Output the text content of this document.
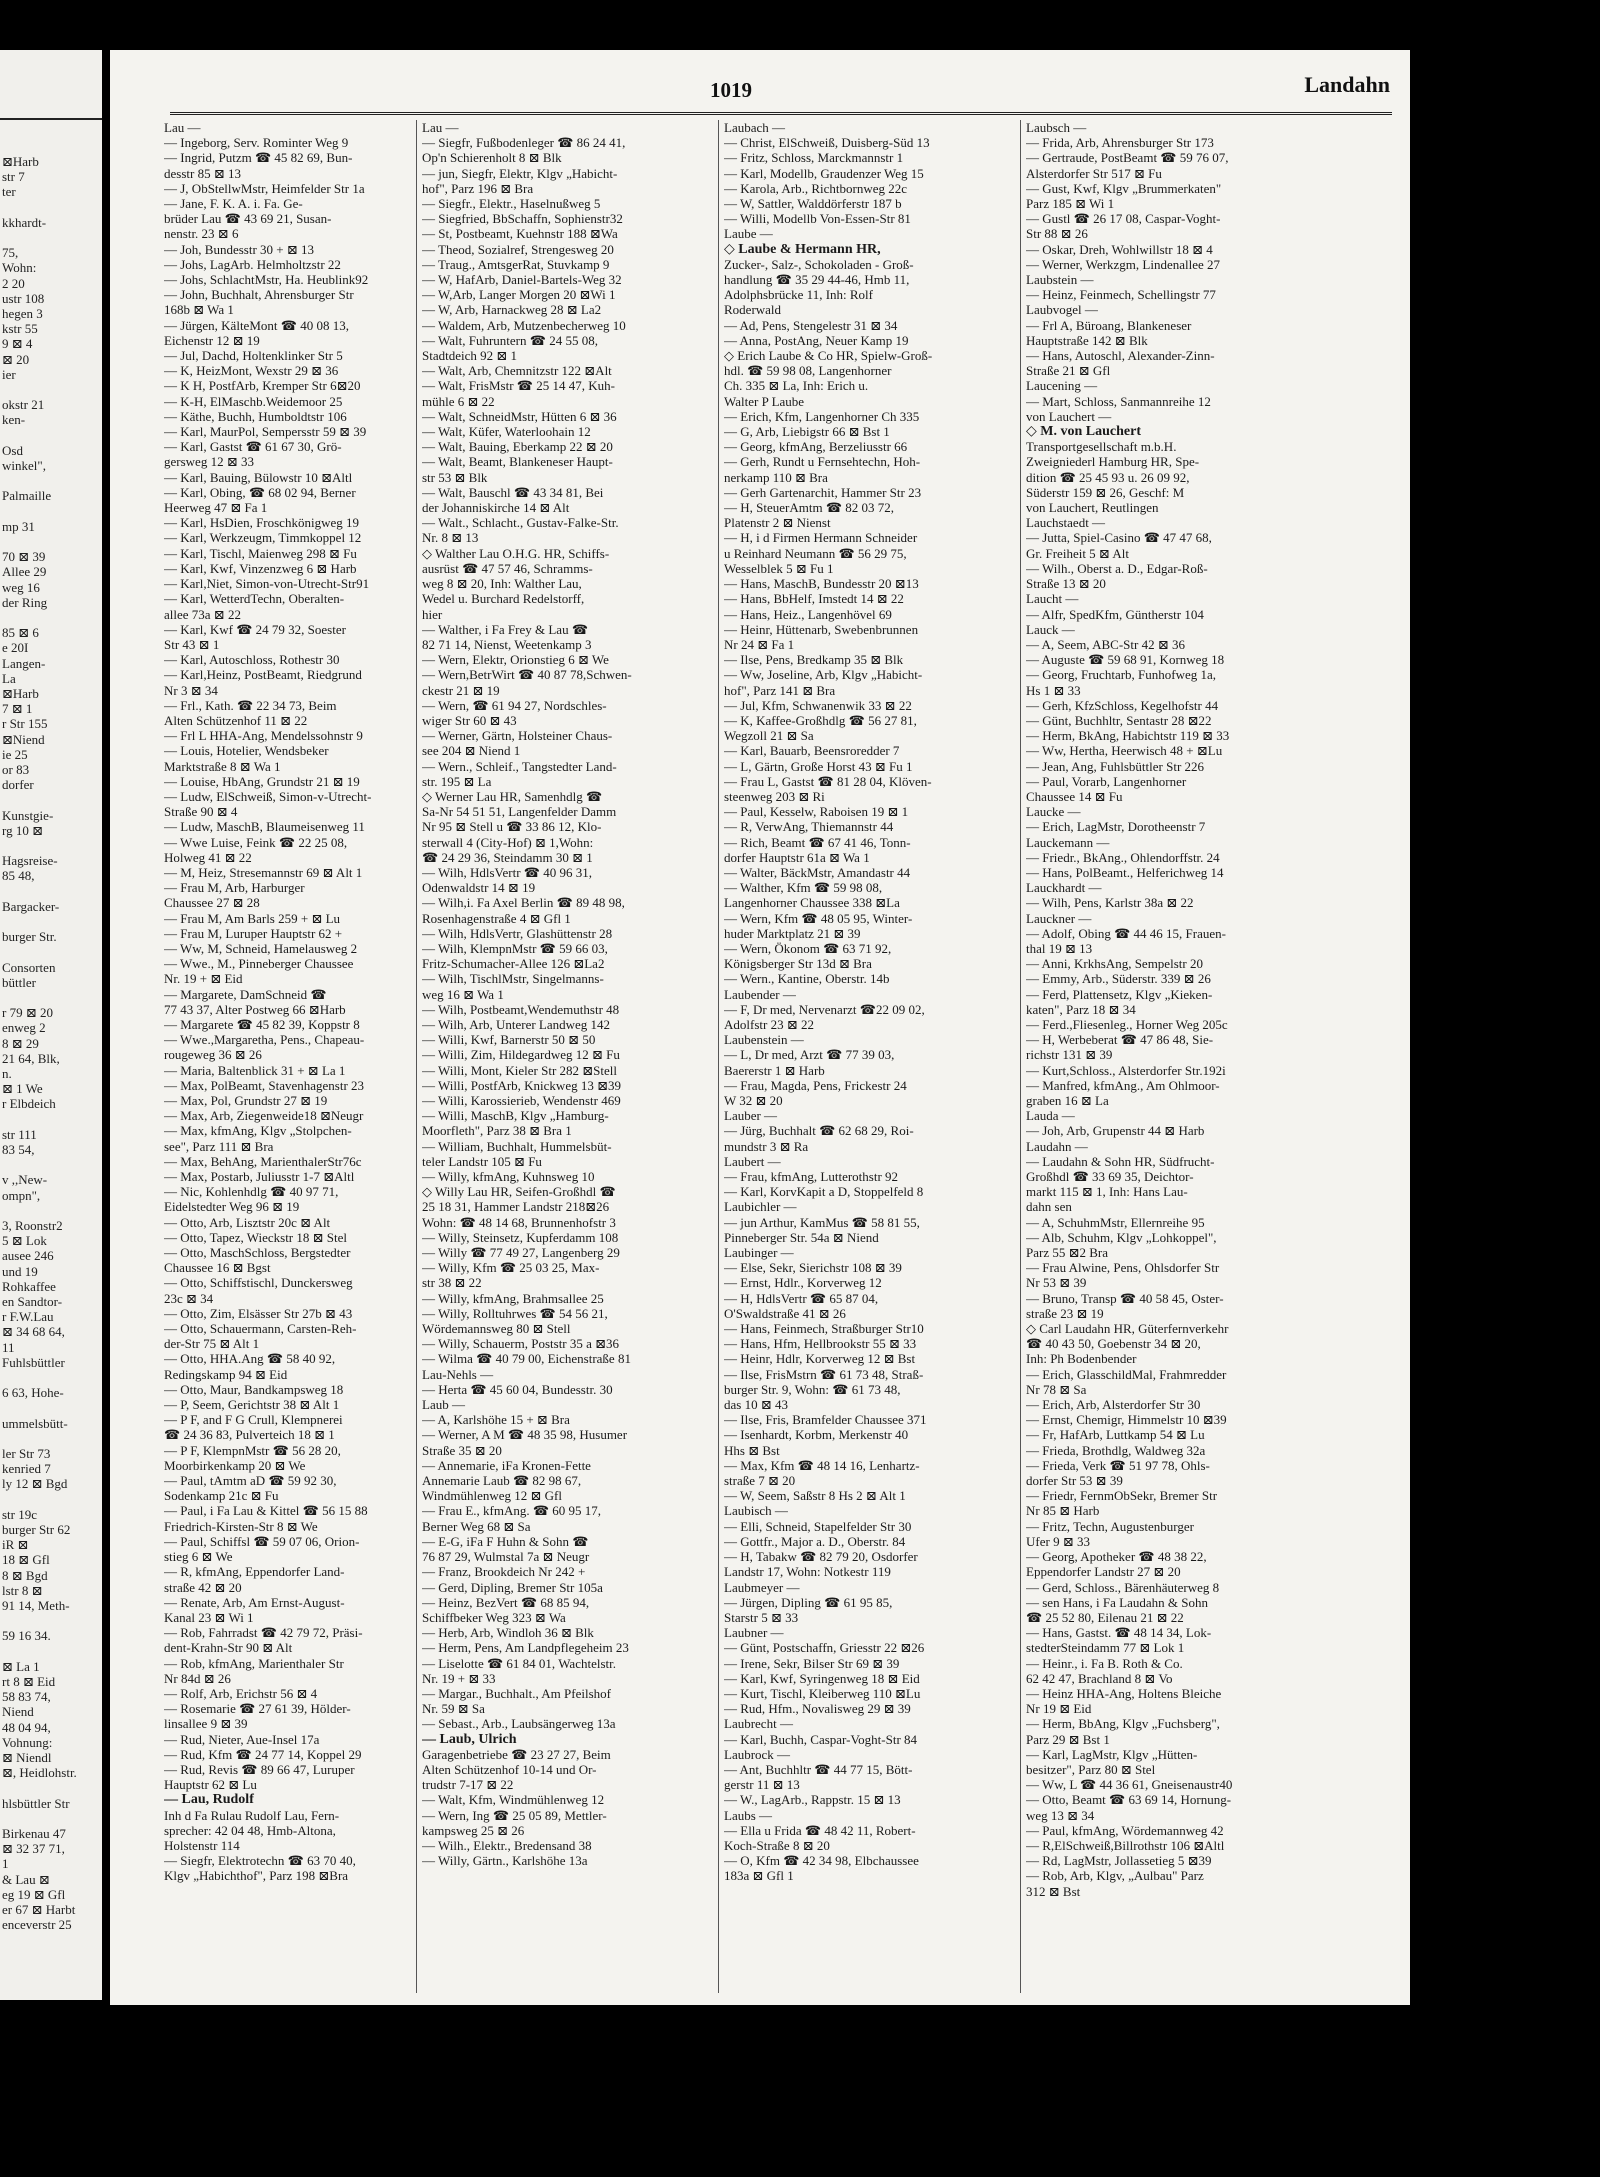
⊠Harb
str 7
ter
kkhardt-
75,
Wohn:
2 20
ustr 108
hegen 3
kstr 55
9 ⊠ 4
⊠ 20
ier
okstr 21
ken-
Osd
winkel",
Palmaille
mp 31
70 ⊠ 39
Allee 29
weg 16
der Ring
85 ⊠ 6
e 20I
Langen-
La
⊠Harb
7 ⊠ 1
r Str 155
⊠Niend
ie 25
or 83
dorfer
Kunstgie-
rg 10 ⊠
Hagsreise-
85 48,
Bargacker-
burger Str.
Consorten
büttler
r 79 ⊠ 20
enweg 2
8 ⊠ 29
21 64, Blk,
n.
⊠ 1 We
r Elbdeich
str 111
83 54,
v ,,New-
ompn",
3, Roonstr2
5 ⊠ Lok
ausee 246
und 19
Rohkaffee
en Sandtor-
r F.W.Lau
⊠ 34 68 64,
11
Fuhlsbüttler
6 63, Hohe-
ummelsbütt-
ler Str 73
kenried 7
ly 12 ⊠ Bgd
str 19c
burger Str 62
iR ⊠
18 ⊠ Gfl
8 ⊠ Bgd
lstr 8 ⊠
91 14, Meth-
59 16 34.
⊠ La 1
rt 8 ⊠ Eid
58 83 74,
Niend
48 04 94,
Vohnung:
⊠ Niendl
⊠, Heidlohstr.
hlsbüttler Str
Birkenau 47
⊠ 32 37 71,
1
& Lau ⊠
eg 19 ⊠ Gfl
er 67 ⊠ Harbt
enceverstr 25
1019	Landahn
Lau —
— Ingeborg, Serv. Rominter Weg 9
— Ingrid, Putzm ☎ 45 82 69, Bun-
desstr 85 ⊠ 13
— J, ObStellwMstr, Heimfelder Str 1a
— Jane, F. K. A. i. Fa. Ge-
brüder Lau ☎ 43 69 21, Susan-
nenstr. 23 ⊠ 6
— Joh, Bundesstr 30 + ⊠ 13
— Johs, LagArb. Helmholtzstr 22
— Johs, SchlachtMstr, Ha. Heublink92
— John, Buchhalt, Ahrensburger Str
168b ⊠ Wa 1
— Jürgen, KälteMont ☎ 40 08 13,
Eichenstr 12 ⊠ 19
— Jul, Dachd, Holtenklinker Str 5
— K, HeizMont, Wexstr 29 ⊠ 36
— K H, PostfArb, Kremper Str 6⊠20
— K-H, ElMaschb.Weidemoor 25
— Käthe, Buchh, Humboldtstr 106
— Karl, MaurPol, Sempersstr 59 ⊠ 39
— Karl, Gastst ☎ 61 67 30, Grö-
gersweg 12 ⊠ 33
— Karl, Bauing, Bülowstr 10 ⊠Altl
— Karl, Obing, ☎ 68 02 94, Berner
Heerweg 47 ⊠ Fa 1
— Karl, HsDien, Froschkönigweg 19
— Karl, Werkzeugm, Timmkoppel 12
— Karl, Tischl, Maienweg 298 ⊠ Fu
— Karl, Kwf, Vinzenzweg 6 ⊠ Harb
— Karl,Niet, Simon-von-Utrecht-Str91
— Karl, WetterdTechn, Oberalten-
allee 73a ⊠ 22
— Karl, Kwf ☎ 24 79 32, Soester
Str 43 ⊠ 1
— Karl, Autoschloss, Rothestr 30
— Karl,Heinz, PostBeamt, Riedgrund
Nr 3 ⊠ 34
— Frl., Kath. ☎ 22 34 73, Beim
Alten Schützenhof 11 ⊠ 22
— Frl L HHA-Ang, Mendelssohnstr 9
— Louis, Hotelier, Wendsbeker
Marktstraße 8 ⊠ Wa 1
— Louise, HbAng, Grundstr 21 ⊠ 19
— Ludw, ElSchweiß, Simon-v-Utrecht-
Straße 90 ⊠ 4
— Ludw, MaschB, Blaumeisenweg 11
— Wwe Luise, Feink ☎ 22 25 08,
Holweg 41 ⊠ 22
— M, Heiz, Stresemannstr 69 ⊠ Alt 1
— Frau M, Arb, Harburger
Chaussee 27 ⊠ 28
— Frau M, Am Barls 259 + ⊠ Lu
— Frau M, Luruper Hauptstr 62 +
— Ww, M, Schneid, Hamelausweg 2
— Wwe., M., Pinneberger Chaussee
Nr. 19 + ⊠ Eid
— Margarete, DamSchneid ☎
77 43 37, Alter Postweg 66 ⊠Harb
— Margarete ☎ 45 82 39, Koppstr 8
— Wwe.,Margaretha, Pens., Chapeau-
rougeweg 36 ⊠ 26
— Maria, Baltenblick 31 + ⊠ La 1
— Max, PolBeamt, Stavenhagenstr 23
— Max, Pol, Grundstr 27 ⊠ 19
— Max, Arb, Ziegenweide18 ⊠Neugr
— Max, kfmAng, Klgv „Stolpchen-
see", Parz 111 ⊠ Bra
— Max, BehAng, MarienthalerStr76c
— Max, Postarb, Juliusstr 1-7 ⊠Altl
— Nic, Kohlenhdlg ☎ 40 97 71,
Eidelstedter Weg 96 ⊠ 19
— Otto, Arb, Lisztstr 20c ⊠ Alt
— Otto, Tapez, Wieckstr 18 ⊠ Stel
— Otto, MaschSchloss, Bergstedter
Chaussee 16 ⊠ Bgst
— Otto, Schiffstischl, Dunckersweg
23c ⊠ 34
— Otto, Zim, Elsässer Str 27b ⊠ 43
— Otto, Schauermann, Carsten-Reh-
der-Str 75 ⊠ Alt 1
— Otto, HHA.Ang ☎ 58 40 92,
Redingskamp 94 ⊠ Eid
— Otto, Maur, Bandkampsweg 18
— P, Seem, Gerichtstr 38 ⊠ Alt 1
— P F, and F G Crull, Klempnerei
☎ 24 36 83, Pulverteich 18 ⊠ 1
— P F, KlempnMstr ☎ 56 28 20,
Moorbirkenkamp 20 ⊠ We
— Paul, tAmtm aD ☎ 59 92 30,
Sodenkamp 21c ⊠ Fu
— Paul, i Fa Lau & Kittel ☎ 56 15 88
Friedrich-Kirsten-Str 8 ⊠ We
— Paul, Schiffsl ☎ 59 07 06, Orion-
stieg 6 ⊠ We
— R, kfmAng, Eppendorfer Land-
straße 42 ⊠ 20
— Renate, Arb, Am Ernst-August-
Kanal 23 ⊠ Wi 1
— Rob, Fahrradst ☎ 42 79 72, Präsi-
dent-Krahn-Str 90 ⊠ Alt
— Rob, kfmAng, Marienthaler Str
Nr 84d ⊠ 26
— Rolf, Arb, Erichstr 56 ⊠ 4
— Rosemarie ☎ 27 61 39, Hölder-
linsallee 9 ⊠ 39
— Rud, Nieter, Aue-Insel 17a
— Rud, Kfm ☎ 24 77 14, Koppel 29
— Rud, Revis ☎ 89 66 47, Luruper
Hauptstr 62 ⊠ Lu
— Lau, Rudolf
Inh d Fa Rulau Rudolf Lau, Fern-
sprecher: 42 04 48, Hmb-Altona,
Holstenstr 114
— Siegfr, Elektrotechn ☎ 63 70 40,
Klgv „Habichthof", Parz 198 ⊠Bra
Lau —
— Siegfr, Fußbodenleger ☎ 86 24 41,
Op'n Schierenholt 8 ⊠ Blk
— jun, Siegfr, Elektr, Klgv „Habicht-
hof", Parz 196 ⊠ Bra
— Siegfr., Elektr., Haselnußweg 5
— Siegfried, BbSchaffn, Sophienstr32
— St, Postbeamt, Kuehnstr 188 ⊠Wa
— Theod, Sozialref, Strengesweg 20
— Traug., AmtsgerRat, Stuvkamp 9
— W, HafArb, Daniel-Bartels-Weg 32
— W,Arb, Langer Morgen 20 ⊠Wi 1
— W, Arb, Harnackweg 28 ⊠ La2
— Waldem, Arb, Mutzenbecherweg 10
— Walt, Fuhruntern ☎ 24 55 08,
Stadtdeich 92 ⊠ 1
— Walt, Arb, Chemnitzstr 122 ⊠Alt
— Walt, FrisMstr ☎ 25 14 47, Kuh-
mühle 6 ⊠ 22
— Walt, SchneidMstr, Hütten 6 ⊠ 36
— Walt, Küfer, Waterloohain 12
— Walt, Bauing, Eberkamp 22 ⊠ 20
— Walt, Beamt, Blankeneser Haupt-
str 53 ⊠ Blk
— Walt, Bauschl ☎ 43 34 81, Bei
der Johanniskirche 14 ⊠ Alt
— Walt., Schlacht., Gustav-Falke-Str.
Nr. 8 ⊠ 13
◇ Walther Lau O.H.G. HR, Schiffs-
ausrüst ☎ 47 57 46, Schramms-
weg 8 ⊠ 20, Inh: Walther Lau,
Wedel u. Burchard Redelstorff,
hier
— Walther, i Fa Frey & Lau ☎
82 71 14, Nienst, Weetenkamp 3
— Wern, Elektr, Orionstieg 6 ⊠ We
— Wern,BetrWirt ☎ 40 87 78,Schwen-
ckestr 21 ⊠ 19
— Wern, ☎ 61 94 27, Nordschles-
wiger Str 60 ⊠ 43
— Werner, Gärtn, Holsteiner Chaus-
see 204 ⊠ Niend 1
— Wern., Schleif., Tangstedter Land-
str. 195 ⊠ La
◇ Werner Lau HR, Samenhdlg ☎
Sa-Nr 54 51 51, Langenfelder Damm
Nr 95 ⊠ Stell u ☎ 33 86 12, Klo-
sterwall 4 (City-Hof) ⊠ 1,Wohn:
☎ 24 29 36, Steindamm 30 ⊠ 1
— Wilh, HdlsVertr ☎ 40 96 31,
Odenwaldstr 14 ⊠ 19
— Wilh,i. Fa Axel Berlin ☎ 89 48 98,
Rosenhagenstraße 4 ⊠ Gfl 1
— Wilh, HdlsVertr, Glashüttenstr 28
— Wilh, KlempnMstr ☎ 59 66 03,
Fritz-Schumacher-Allee 126 ⊠La2
— Wilh, TischlMstr, Singelmanns-
weg 16 ⊠ Wa 1
— Wilh, Postbeamt,Wendemuthstr 48
— Wilh, Arb, Unterer Landweg 142
— Willi, Kwf, Barnerstr 50 ⊠ 50
— Willi, Zim, Hildegardweg 12 ⊠ Fu
— Willi, Mont, Kieler Str 282 ⊠Stell
— Willi, PostfArb, Knickweg 13 ⊠39
— Willi, Karossierieb, Wendenstr 469
— Willi, MaschB, Klgv „Hamburg-
Moorfleth", Parz 38 ⊠ Bra 1
— William, Buchhalt, Hummelsbüt-
teler Landstr 105 ⊠ Fu
— Willy, kfmAng, Kuhnsweg 10
◇ Willy Lau HR, Seifen-Großhdl ☎
25 18 31, Hammer Landstr 218⊠26
Wohn: ☎ 48 14 68, Brunnenhofstr 3
— Willy, Steinsetz, Kupferdamm 108
— Willy ☎ 77 49 27, Langenberg 29
— Willy, Kfm ☎ 25 03 25, Max-
str 38 ⊠ 22
— Willy, kfmAng, Brahmsallee 25
— Willy, Rolltuhrwes ☎ 54 56 21,
Wördemannsweg 80 ⊠ Stell
— Willy, Schauerm, Poststr 35 a ⊠36
— Wilma ☎ 40 79 00, Eichenstraße 81
Lau-Nehls —
— Herta ☎ 45 60 04, Bundesstr. 30
Laub —
— A, Karlshöhe 15 + ⊠ Bra
— Werner, A M ☎ 48 35 98, Husumer
Straße 35 ⊠ 20
— Annemarie, iFa Kronen-Fette
Annemarie Laub ☎ 82 98 67,
Windmühlenweg 12 ⊠ Gfl
— Frau E., kfmAng. ☎ 60 95 17,
Berner Weg 68 ⊠ Sa
— E-G, iFa F Huhn & Sohn ☎
76 87 29, Wulmstal 7a ⊠ Neugr
— Franz, Brookdeich Nr 242 +
— Gerd, Dipling, Bremer Str 105a
— Heinz, BezVert ☎ 68 85 94,
Schiffbeker Weg 323 ⊠ Wa
— Herb, Arb, Windloh 36 ⊠ Blk
— Herm, Pens, Am Landpflegeheim 23
— Liselotte ☎ 61 84 01, Wachtelstr.
Nr. 19 + ⊠ 33
— Margar., Buchhalt., Am Pfeilshof
Nr. 59 ⊠ Sa
— Sebast., Arb., Laubsängerweg 13a
— Laub, Ulrich
Garagenbetriebe ☎ 23 27 27, Beim
Alten Schützenhof 10-14 und Or-
trudstr 7-17 ⊠ 22
— Walt, Kfm, Windmühlenweg 12
— Wern, Ing ☎ 25 05 89, Mettler-
kampsweg 25 ⊠ 26
— Wilh., Elektr., Bredensand 38
— Willy, Gärtn., Karlshöhe 13a
Laubach —
— Christ, ElSchweiß, Duisberg-Süd 13
— Fritz, Schloss, Marckmannstr 1
— Karl, Modellb, Graudenzer Weg 15
— Karola, Arb., Richtbornweg 22c
— W, Sattler, Walddörferstr 187 b
— Willi, Modellb Von-Essen-Str 81
Laube —
◇ Laube & Hermann HR,
Zucker-, Salz-, Schokoladen - Groß-
handlung ☎ 35 29 44-46, Hmb 11,
Adolphsbrücke 11, Inh: Rolf
Roderwald
— Ad, Pens, Stengelestr 31 ⊠ 34
— Anna, PostAng, Neuer Kamp 19
◇ Erich Laube & Co HR, Spielw-Groß-
hdl. ☎ 59 98 08, Langenhorner
Ch. 335 ⊠ La, Inh: Erich u.
Walter P Laube
— Erich, Kfm, Langenhorner Ch 335
— G, Arb, Liebigstr 66 ⊠ Bst 1
— Georg, kfmAng, Berzeliusstr 66
— Gerh, Rundt u Fernsehtechn, Hoh-
nerkamp 110 ⊠ Bra
— Gerh Gartenarchit, Hammer Str 23
— H, SteuerAmtm ☎ 82 03 72,
Platenstr 2 ⊠ Nienst
— H, i d Firmen Hermann Schneider
u Reinhard Neumann ☎ 56 29 75,
Wesselblek 5 ⊠ Fu 1
— Hans, MaschB, Bundesstr 20 ⊠13
— Hans, BbHelf, Imstedt 14 ⊠ 22
— Hans, Heiz., Langenhövel 69
— Heinr, Hüttenarb, Swebenbrunnen
Nr 24 ⊠ Fa 1
— Ilse, Pens, Bredkamp 35 ⊠ Blk
— Ww, Joseline, Arb, Klgv „Habicht-
hof", Parz 141 ⊠ Bra
— Jul, Kfm, Schwanenwik 33 ⊠ 22
— K, Kaffee-Großhdlg ☎ 56 27 81,
Wegzoll 21 ⊠ Sa
— Karl, Bauarb, Beensroredder 7
— L, Gärtn, Große Horst 43 ⊠ Fu 1
— Frau L, Gastst ☎ 81 28 04, Klöven-
steenweg 203 ⊠ Ri
— Paul, Kesselw, Raboisen 19 ⊠ 1
— R, VerwAng, Thiemannstr 44
— Rich, Beamt ☎ 67 41 46, Tonn-
dorfer Hauptstr 61a ⊠ Wa 1
— Walter, BäckMstr, Amandastr 44
— Walther, Kfm ☎ 59 98 08,
Langenhorner Chaussee 338 ⊠La
— Wern, Kfm ☎ 48 05 95, Winter-
huder Marktplatz 21 ⊠ 39
— Wern, Ökonom ☎ 63 71 92,
Königsberger Str 13d ⊠ Bra
— Wern., Kantine, Oberstr. 14b
Laubender —
— F, Dr med, Nervenarzt ☎22 09 02,
Adolfstr 23 ⊠ 22
Laubenstein —
— L, Dr med, Arzt ☎ 77 39 03,
Baererstr 1 ⊠ Harb
— Frau, Magda, Pens, Frickestr 24
W 32 ⊠ 20
Lauber —
— Jürg, Buchhalt ☎ 62 68 29, Roi-
mundstr 3 ⊠ Ra
Laubert —
— Frau, kfmAng, Lutterothstr 92
— Karl, KorvKapit a D, Stoppelfeld 8
Laubichler —
— jun Arthur, KamMus ☎ 58 81 55,
Pinneberger Str. 54a ⊠ Niend
Laubinger —
— Else, Sekr, Sierichstr 108 ⊠ 39
— Ernst, Hdlr., Korverweg 12
— H, HdlsVertr ☎ 65 87 04,
O'Swaldstraße 41 ⊠ 26
— Hans, Feinmech, Straßburger Str10
— Hans, Hfm, Hellbrookstr 55 ⊠ 33
— Heinr, Hdlr, Korverweg 12 ⊠ Bst
— Ilse, FrisMstrn ☎ 61 73 48, Straß-
burger Str. 9, Wohn: ☎ 61 73 48,
das 10 ⊠ 43
— Ilse, Fris, Bramfelder Chaussee 371
— Isenhardt, Korbm, Merkenstr 40
Hhs ⊠ Bst
— Max, Kfm ☎ 48 14 16, Lenhartz-
straße 7 ⊠ 20
— W, Seem, Saßstr 8 Hs 2 ⊠ Alt 1
Laubisch —
— Elli, Schneid, Stapelfelder Str 30
— Gottfr., Major a. D., Oberstr. 84
— H, Tabakw ☎ 82 79 20, Osdorfer
Landstr 17, Wohn: Notkestr 119
Laubmeyer —
— Jürgen, Dipling ☎ 61 95 85,
Starstr 5 ⊠ 33
Laubner —
— Günt, Postschaffn, Griesstr 22 ⊠26
— Irene, Sekr, Bilser Str 69 ⊠ 39
— Karl, Kwf, Syringenweg 18 ⊠ Eid
— Kurt, Tischl, Kleiberweg 110 ⊠Lu
— Rud, Hfm., Novalisweg 29 ⊠ 39
Laubrecht —
— Karl, Buchh, Caspar-Voght-Str 84
Laubrock —
— Ant, Buchhltr ☎ 44 77 15, Bött-
gerstr 11 ⊠ 13
— W., LagArb., Rappstr. 15 ⊠ 13
Laubs —
— Ella u Frida ☎ 48 42 11, Robert-
Koch-Straße 8 ⊠ 20
— O, Kfm ☎ 42 34 98, Elbchaussee
183a ⊠ Gfl 1
Laubsch —
— Frida, Arb, Ahrensburger Str 173
— Gertraude, PostBeamt ☎ 59 76 07,
Alsterdorfer Str 517 ⊠ Fu
— Gust, Kwf, Klgv „Brummerkaten"
Parz 185 ⊠ Wi 1
— Gustl ☎ 26 17 08, Caspar-Voght-
Str 88 ⊠ 26
— Oskar, Dreh, Wohlwillstr 18 ⊠ 4
— Werner, Werkzgm, Lindenallee 27
Laubstein —
— Heinz, Feinmech, Schellingstr 77
Laubvogel —
— Frl A, Büroang, Blankeneser
Hauptstraße 142 ⊠ Blk
— Hans, Autoschl, Alexander-Zinn-
Straße 21 ⊠ Gfl
Laucening —
— Mart, Schloss, Sanmannreihe 12
von Lauchert —
◇ M. von Lauchert
Transportgesellschaft m.b.H.
Zweigniederl Hamburg HR, Spe-
dition ☎ 25 45 93 u. 26 09 92,
Süderstr 159 ⊠ 26, Geschf: M
von Lauchert, Reutlingen
Lauchstaedt —
— Jutta, Spiel-Casino ☎ 47 47 68,
Gr. Freiheit 5 ⊠ Alt
— Wilh., Oberst a. D., Edgar-Roß-
Straße 13 ⊠ 20
Laucht —
— Alfr, SpedKfm, Güntherstr 104
Lauck —
— A, Seem, ABC-Str 42 ⊠ 36
— Auguste ☎ 59 68 91, Kornweg 18
— Georg, Fruchtarb, Funhofweg 1a,
Hs 1 ⊠ 33
— Gerh, KfzSchloss, Kegelhofstr 44
— Günt, Buchhltr, Sentastr 28 ⊠22
— Herm, BkAng, Habichtstr 119 ⊠ 33
— Ww, Hertha, Heerwisch 48 + ⊠Lu
— Jean, Ang, Fuhlsbüttler Str 226
— Paul, Vorarb, Langenhorner
Chaussee 14 ⊠ Fu
Laucke —
— Erich, LagMstr, Dorotheenstr 7
Lauckemann —
— Friedr., BkAng., Ohlendorffstr. 24
— Hans, PolBeamt., Helferichweg 14
Lauckhardt —
— Wilh, Pens, Karlstr 38a ⊠ 22
Lauckner —
— Adolf, Obing ☎ 44 46 15, Frauen-
thal 19 ⊠ 13
— Anni, KrkhsAng, Sempelstr 20
— Emmy, Arb., Süderstr. 339 ⊠ 26
— Ferd, Plattensetz, Klgv „Kieken-
katen", Parz 18 ⊠ 34
— Ferd.,Fliesenleg., Horner Weg 205c
— H, Werbeberat ☎ 47 86 48, Sie-
richstr 131 ⊠ 39
— Kurt,Schloss., Alsterdorfer Str.192i
— Manfred, kfmAng., Am Ohlmoor-
graben 16 ⊠ La
Lauda —
— Joh, Arb, Grupenstr 44 ⊠ Harb
Laudahn —
— Laudahn & Sohn HR, Südfrucht-
Großhdl ☎ 33 69 35, Deichtor-
markt 115 ⊠ 1, Inh: Hans Lau-
dahn sen
— A, SchuhmMstr, Ellernreihe 95
— Alb, Schuhm, Klgv „Lohkoppel",
Parz 55 ⊠2 Bra
— Frau Alwine, Pens, Ohlsdorfer Str
Nr 53 ⊠ 39
— Bruno, Transp ☎ 40 58 45, Oster-
straße 23 ⊠ 19
◇ Carl Laudahn HR, Güterfernverkehr
☎ 40 43 50, Goebenstr 34 ⊠ 20,
Inh: Ph Bodenbender
— Erich, GlasschildMal, Frahmredder
Nr 78 ⊠ Sa
— Erich, Arb, Alsterdorfer Str 30
— Ernst, Chemigr, Himmelstr 10 ⊠39
— Fr, HafArb, Luttkamp 54 ⊠ Lu
— Frieda, Brothdlg, Waldweg 32a
— Frieda, Verk ☎ 51 97 78, Ohls-
dorfer Str 53 ⊠ 39
— Friedr, FernmObSekr, Bremer Str
Nr 85 ⊠ Harb
— Fritz, Techn, Augustenburger
Ufer 9 ⊠ 33
— Georg, Apotheker ☎ 48 38 22,
Eppendorfer Landstr 27 ⊠ 20
— Gerd, Schloss., Bärenhäuterweg 8
— sen Hans, i Fa Laudahn & Sohn
☎ 25 52 80, Eilenau 21 ⊠ 22
— Hans, Gastst. ☎ 48 14 34, Lok-
stedterSteindamm 77 ⊠ Lok 1
— Heinr., i. Fa B. Roth & Co.
62 42 47, Brachland 8 ⊠ Vo
— Heinz HHA-Ang, Holtens Bleiche
Nr 19 ⊠ Eid
— Herm, BbAng, Klgv „Fuchsberg",
Parz 29 ⊠ Bst 1
— Karl, LagMstr, Klgv „Hütten-
besitzer", Parz 80 ⊠ Stel
— Ww, L ☎ 44 36 61, Gneisenaustr40
— Otto, Beamt ☎ 63 69 14, Hornung-
weg 13 ⊠ 34
— Paul, kfmAng, Wördemannweg 42
— R,ElSchweiß,Billrothstr 106 ⊠Altl
— Rd, LagMstr, Jollassetieg 5 ⊠39
— Rob, Arb, Klgv, „Aulbau" Parz
312 ⊠ Bst
